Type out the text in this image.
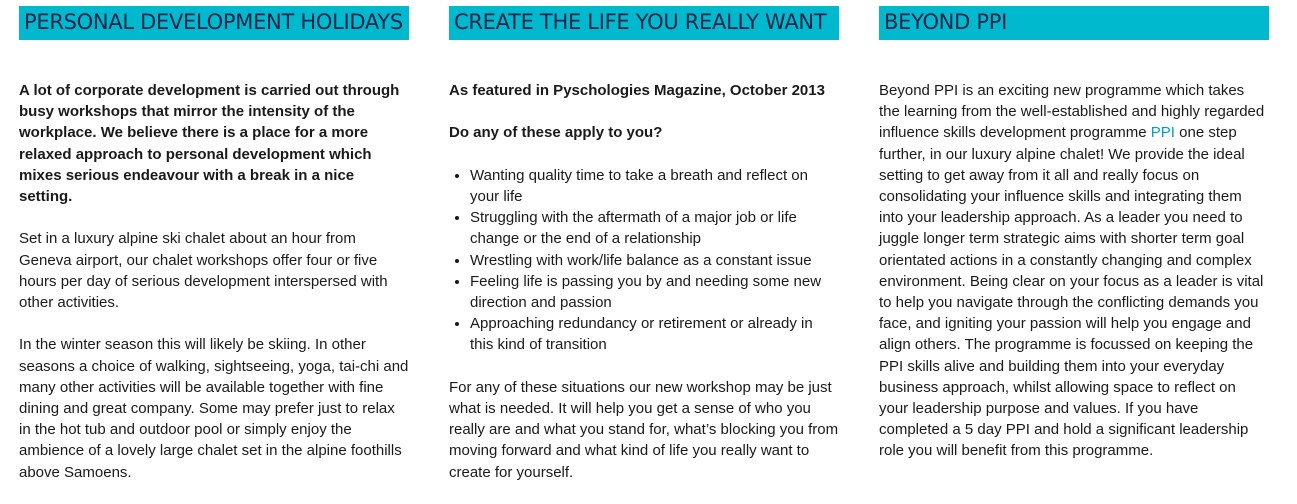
PERSONAL DEVELOPMENT HOLIDAYS

A lot of corporate development is carried out through busy workshops that mirror the intensity of the workplace. We believe there is a place for a more relaxed approach to personal development which mixes serious endeavour with a break in a nice setting.

Set in a luxury alpine ski chalet about an hour from Geneva airport, our chalet workshops offer four or five hours per day of serious development interspersed with other activities.

In the winter season this will likely be skiing. In other seasons a choice of walking, sightseeing, yoga, tai-chi and many other activities will be available together with fine dining and great company. Some may prefer just to relax in the hot tub and outdoor pool or simply enjoy the ambience of a lovely large chalet set in the alpine foothills above Samoens.

CREATE THE LIFE YOU REALLY WANT

As featured in Pyschologies Magazine, October 2013

Do any of these apply to you?

• Wanting quality time to take a breath and reflect on your life
• Struggling with the aftermath of a major job or life change or the end of a relationship
• Wrestling with work/life balance as a constant issue
• Feeling life is passing you by and needing some new direction and passion
• Approaching redundancy or retirement or already in this kind of transition

For any of these situations our new workshop may be just what is needed. It will help you get a sense of who you really are and what you stand for, what’s blocking you from moving forward and what kind of life you really want to create for yourself.

BEYOND PPI

Beyond PPI is an exciting new programme which takes the learning from the well-established and highly regarded influence skills development programme PPI one step further, in our luxury alpine chalet! We provide the ideal setting to get away from it all and really focus on consolidating your influence skills and integrating them into your leadership approach. As a leader you need to juggle longer term strategic aims with shorter term goal orientated actions in a constantly changing and complex environment. Being clear on your focus as a leader is vital to help you navigate through the conflicting demands you face, and igniting your passion will help you engage and align others. The programme is focussed on keeping the PPI skills alive and building them into your everyday business approach, whilst allowing space to reflect on your leadership purpose and values. If you have completed a 5 day PPI and hold a significant leadership role you will benefit from this programme.
